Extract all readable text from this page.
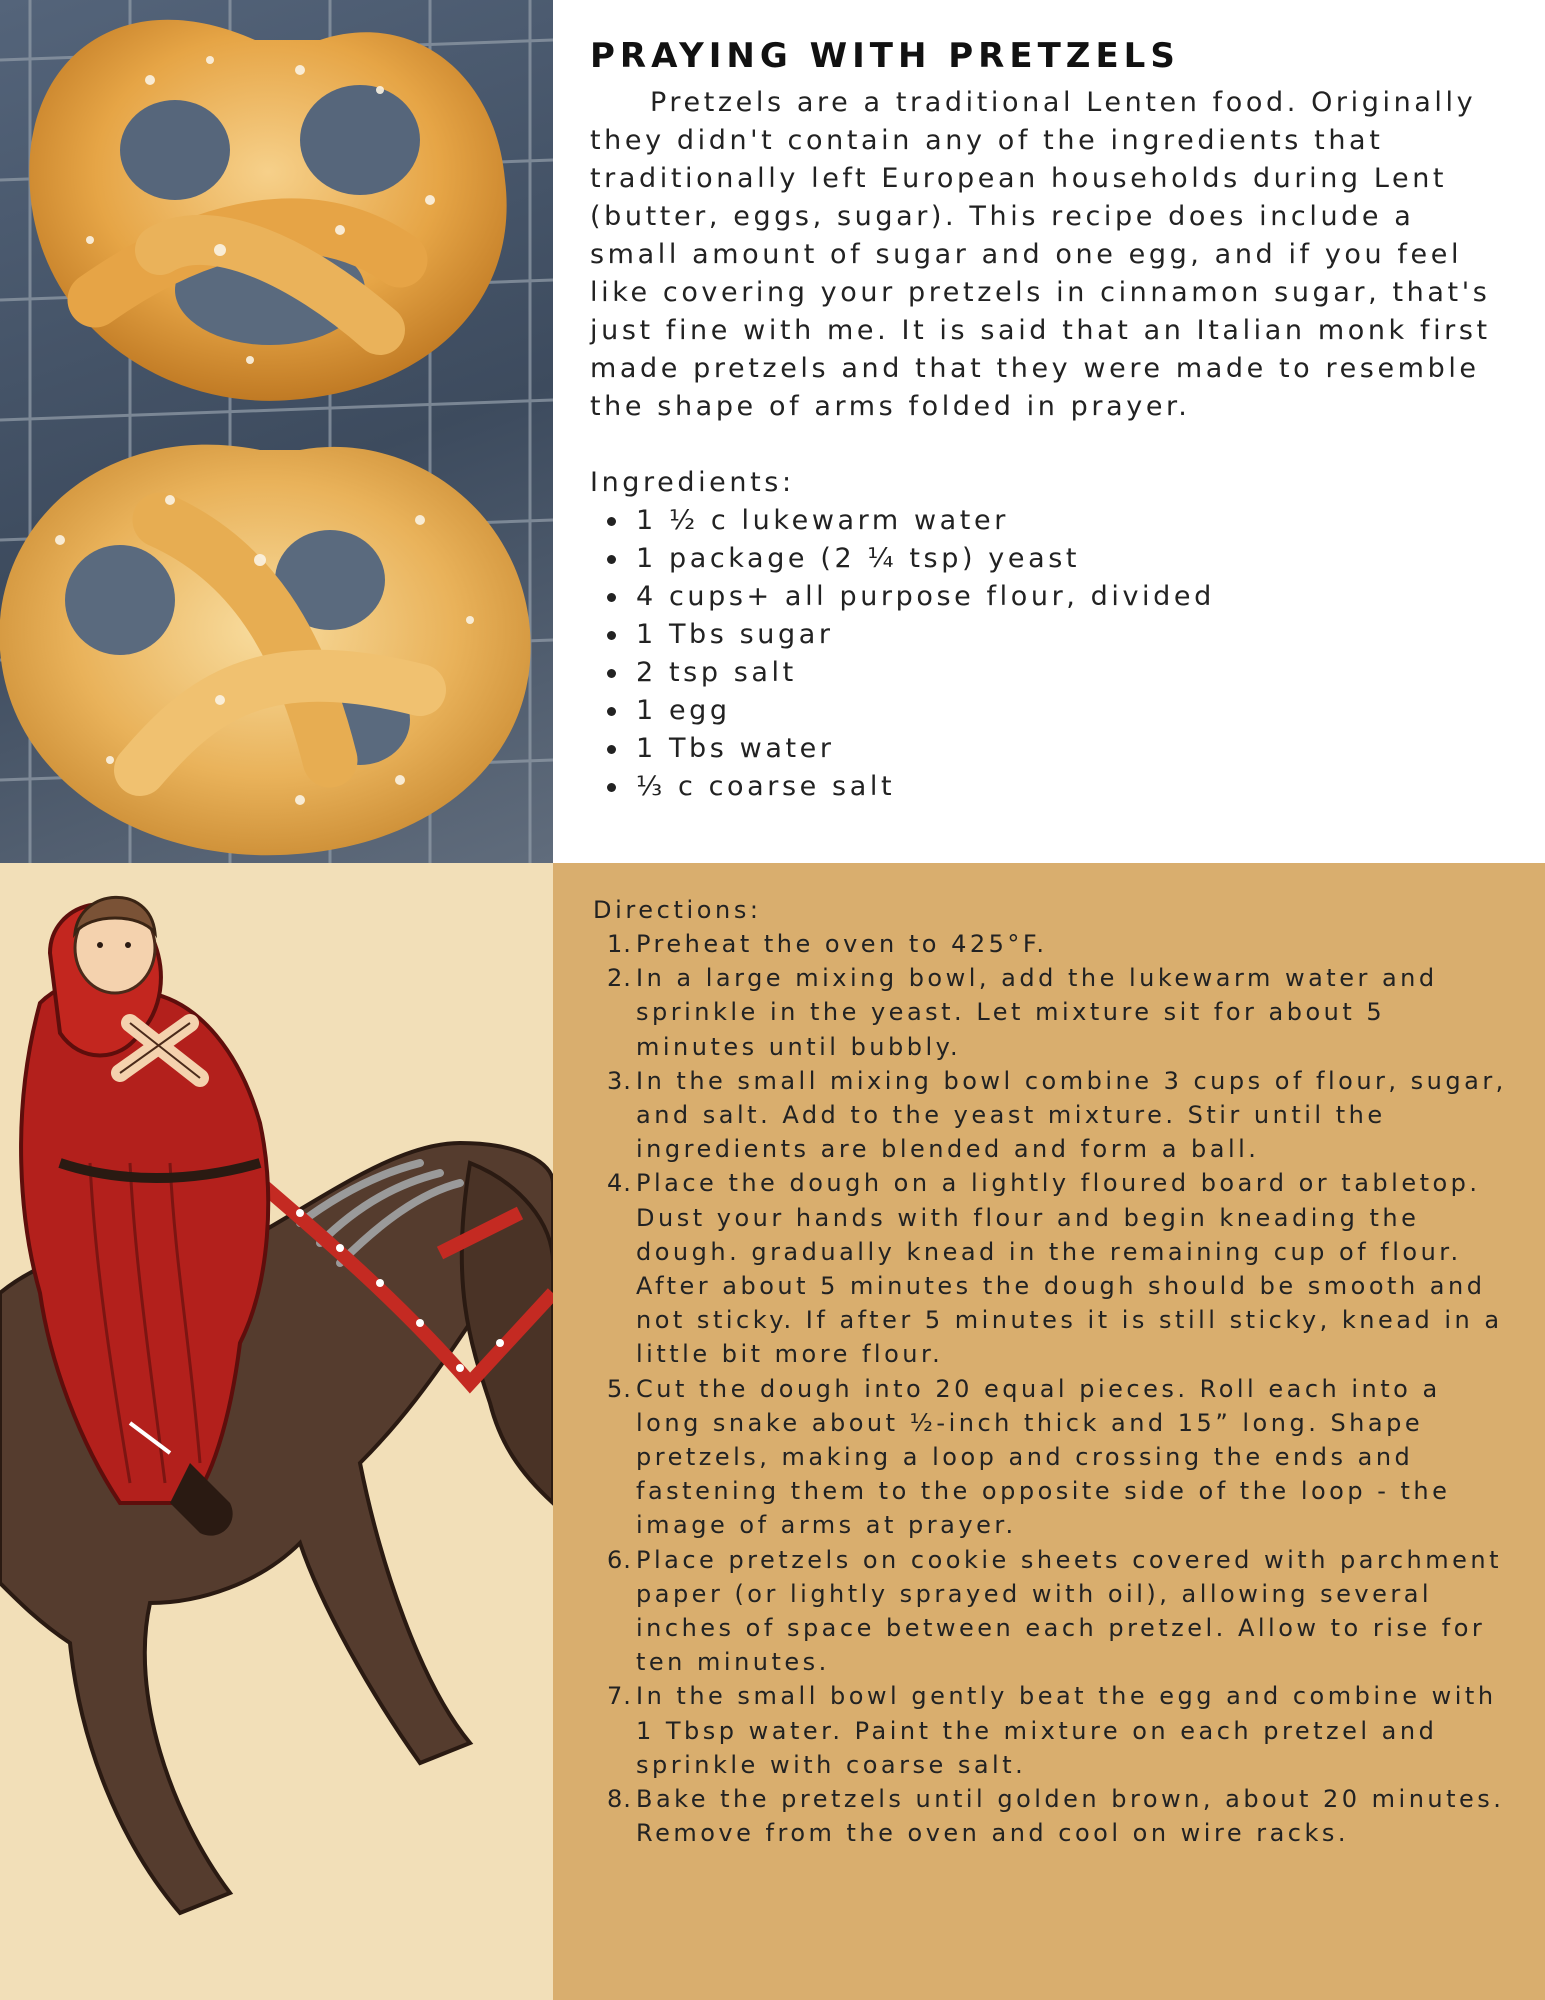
PRAYING WITH PRETZELS

Pretzels are a traditional Lenten food. Originally they didn't contain any of the ingredients that traditionally left European households during Lent (butter, eggs, sugar). This recipe does include a small amount of sugar and one egg, and if you feel like covering your pretzels in cinnamon sugar, that's just fine with me. It is said that an Italian monk first made pretzels and that they were made to resemble the shape of arms folded in prayer.

Ingredients:

1 ½ c lukewarm water
1 package (2 ¼ tsp) yeast
4 cups+ all purpose flour, divided
1 Tbs sugar
2 tsp salt
1 egg
1 Tbs water
⅓ c coarse salt

Directions:

Preheat the oven to 425°F.
In a large mixing bowl, add the lukewarm water and sprinkle in the yeast. Let mixture sit for about 5 minutes until bubbly.
In the small mixing bowl combine 3 cups of flour, sugar, and salt. Add to the yeast mixture. Stir until the ingredients are blended and form a ball.
Place the dough on a lightly floured board or tabletop. Dust your hands with flour and begin kneading the dough. gradually knead in the remaining cup of flour. After about 5 minutes the dough should be smooth and not sticky. If after 5 minutes it is still sticky, knead in a little bit more flour.
Cut the dough into 20 equal pieces. Roll each into a long snake about ½-inch thick and 15” long. Shape pretzels, making a loop and crossing the ends and fastening them to the opposite side of the loop - the image of arms at prayer.
Place pretzels on cookie sheets covered with parchment paper (or lightly sprayed with oil), allowing several inches of space between each pretzel. Allow to rise for ten minutes.
In the small bowl gently beat the egg and combine with 1 Tbsp water. Paint the mixture on each pretzel and sprinkle with coarse salt.
Bake the pretzels until golden brown, about 20 minutes. Remove from the oven and cool on wire racks.
